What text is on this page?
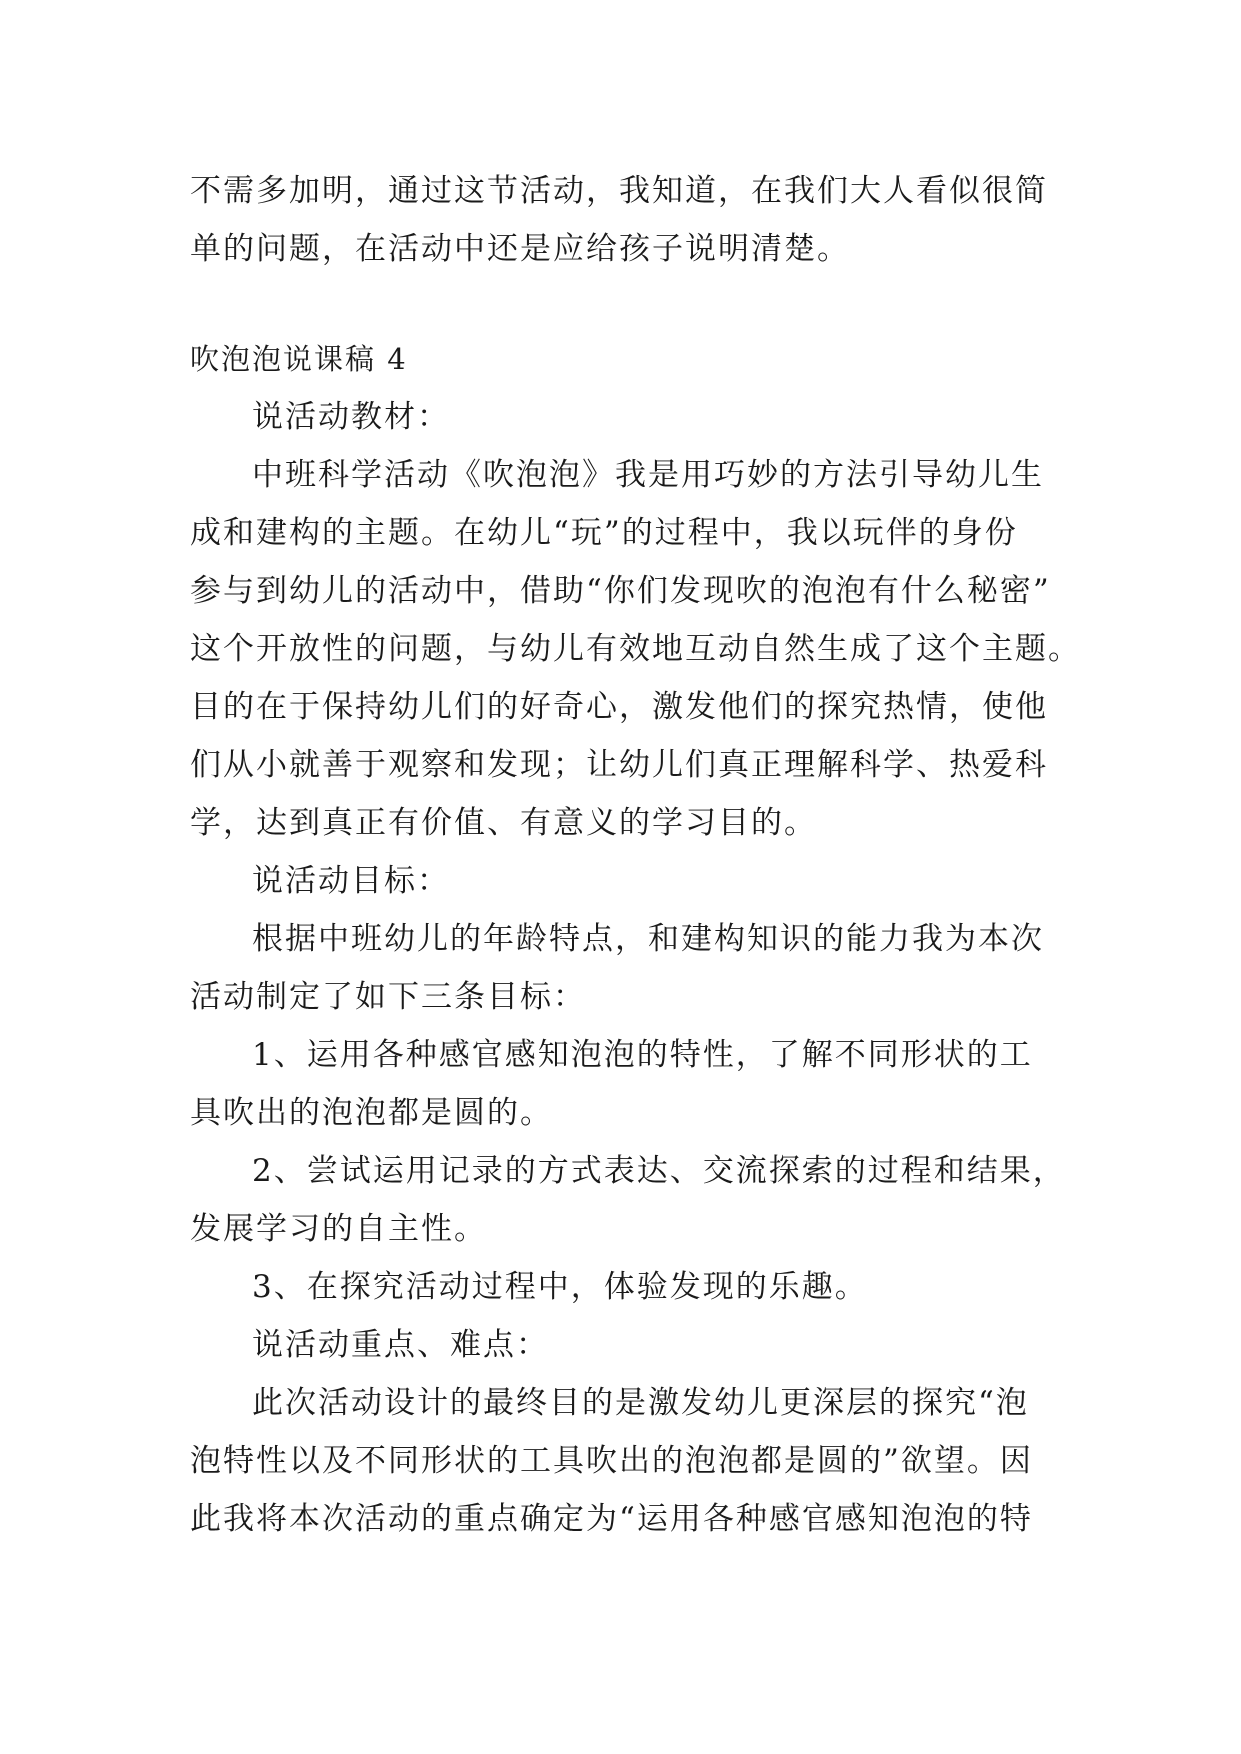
不需多加明，通过这节活动，我知道，在我们大人看似很简
单的问题，在活动中还是应给孩子说明清楚。
吹泡泡说课稿 4
说活动教材：
中班科学活动《吹泡泡》我是用巧妙的方法引导幼儿生
成和建构的主题。在幼儿“玩”的过程中，我以玩伴的身份
参与到幼儿的活动中，借助“你们发现吹的泡泡有什么秘密”
这个开放性的问题，与幼儿有效地互动自然生成了这个主题。
目的在于保持幼儿们的好奇心，激发他们的探究热情，使他
们从小就善于观察和发现；让幼儿们真正理解科学、热爱科
学，达到真正有价值、有意义的学习目的。
说活动目标：
根据中班幼儿的年龄特点，和建构知识的能力我为本次
活动制定了如下三条目标：
1、运用各种感官感知泡泡的特性，了解不同形状的工
具吹出的泡泡都是圆的。
2、尝试运用记录的方式表达、交流探索的过程和结果，
发展学习的自主性。
3、在探究活动过程中，体验发现的乐趣。
说活动重点、难点：
此次活动设计的最终目的是激发幼儿更深层的探究“泡
泡特性以及不同形状的工具吹出的泡泡都是圆的”欲望。因
此我将本次活动的重点确定为“运用各种感官感知泡泡的特
